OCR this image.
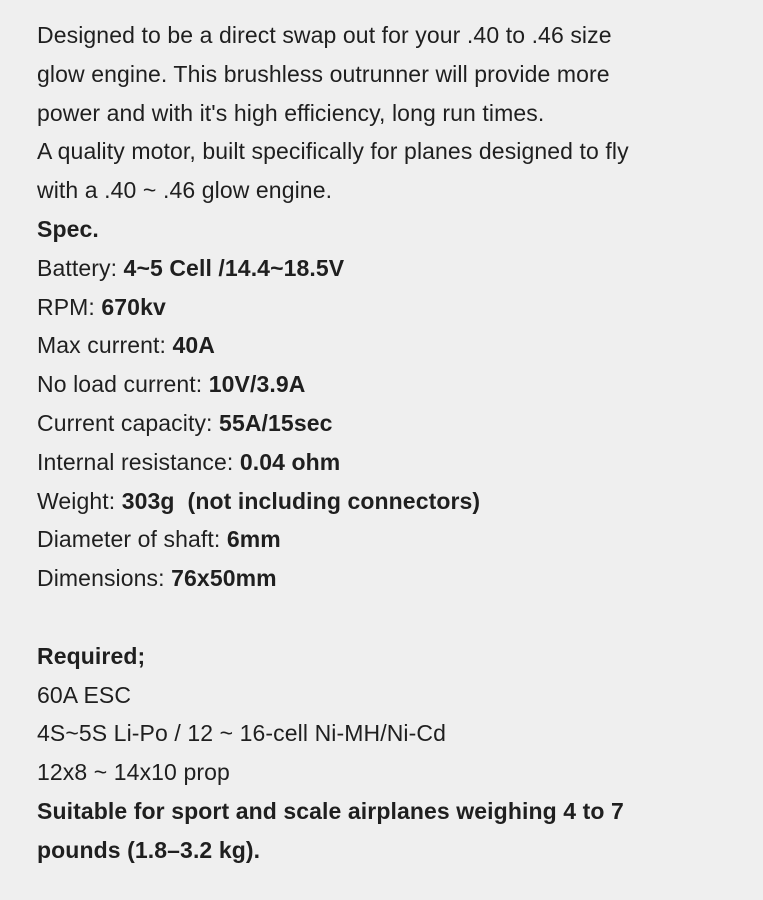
Designed to be a direct swap out for your .40 to .46 size
glow engine. This brushless outrunner will provide more
power and with it's high efficiency, long run times.
A quality motor, built specifically for planes designed to fly
with a .40 ~ .46 glow engine.
Spec.
Battery: 4~5 Cell /14.4~18.5V
RPM: 670kv
Max current: 40A
No load current: 10V/3.9A
Current capacity: 55A/15sec
Internal resistance: 0.04 ohm
Weight: 303g  (not including connectors)
Diameter of shaft: 6mm
Dimensions: 76x50mm
Required;
60A ESC
4S~5S Li-Po / 12 ~ 16-cell Ni-MH/Ni-Cd
12x8 ~ 14x10 prop
Suitable for sport and scale airplanes weighing 4 to 7
pounds (1.8–3.2 kg).
